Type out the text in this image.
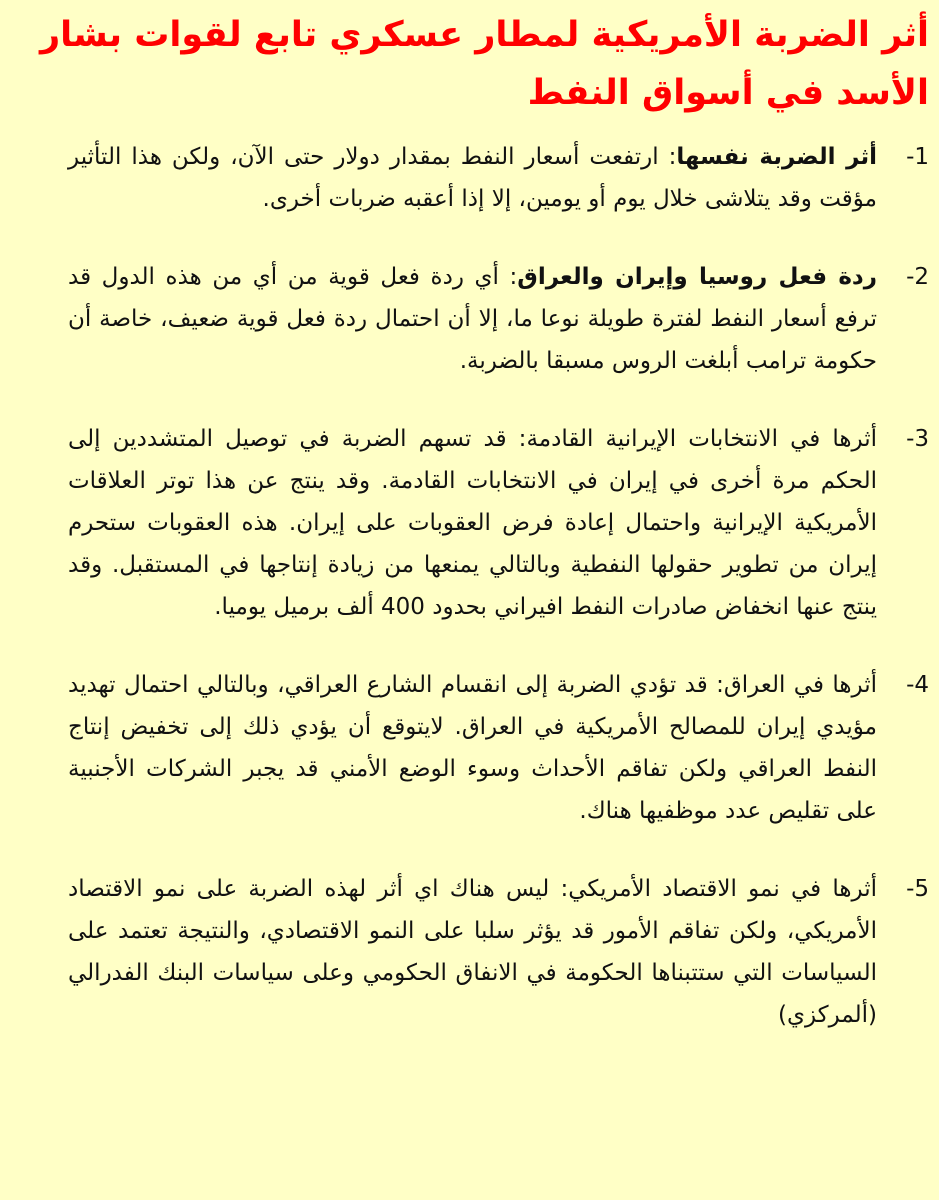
أثر الضربة الأمريكية لمطار عسكري تابع لقوات بشار الأسد في أسواق النفط
-1
أثر الضربة نفسها: ارتفعت أسعار النفط بمقدار دولار حتى الآن، ولكن هذا التأثير مؤقت وقد يتلاشى خلال يوم أو يومين، إلا إذا أعقبه ضربات أخرى.
-2
ردة فعل روسيا وإيران والعراق: أي ردة فعل قوية من أي من هذه الدول قد ترفع أسعار النفط لفترة طويلة نوعا ما، إلا أن احتمال ردة فعل قوية ضعيف، خاصة أن حكومة ترامب أبلغت الروس مسبقا بالضربة.
-3
أثرها في الانتخابات الإيرانية القادمة: قد تسهم الضربة في توصيل المتشددين إلى الحكم مرة أخرى في إيران في الانتخابات القادمة. وقد ينتج عن هذا توتر العلاقات الأمريكية الإيرانية واحتمال إعادة فرض العقوبات على إيران. هذه العقوبات ستحرم إيران من تطوير حقولها النفطية وبالتالي يمنعها من زيادة إنتاجها في المستقبل. وقد ينتج عنها انخفاض صادرات النفط افيراني بحدود 400 ألف برميل يوميا.
-4
أثرها في العراق: قد تؤدي الضربة إلى انقسام الشارع العراقي، وبالتالي احتمال تهديد مؤيدي إيران للمصالح الأمريكية في العراق. لايتوقع أن يؤدي ذلك إلى تخفيض إنتاج النفط العراقي ولكن تفاقم الأحداث وسوء الوضع الأمني قد يجبر الشركات الأجنبية على تقليص عدد موظفيها هناك.
-5
أثرها في نمو الاقتصاد الأمريكي: ليس هناك اي أثر لهذه الضربة على نمو الاقتصاد الأمريكي، ولكن تفاقم الأمور قد يؤثر سلبا على النمو الاقتصادي، والنتيجة تعتمد على السياسات التي ستتبناها الحكومة في الانفاق الحكومي وعلى سياسات البنك الفدرالي (ألمركزي)
